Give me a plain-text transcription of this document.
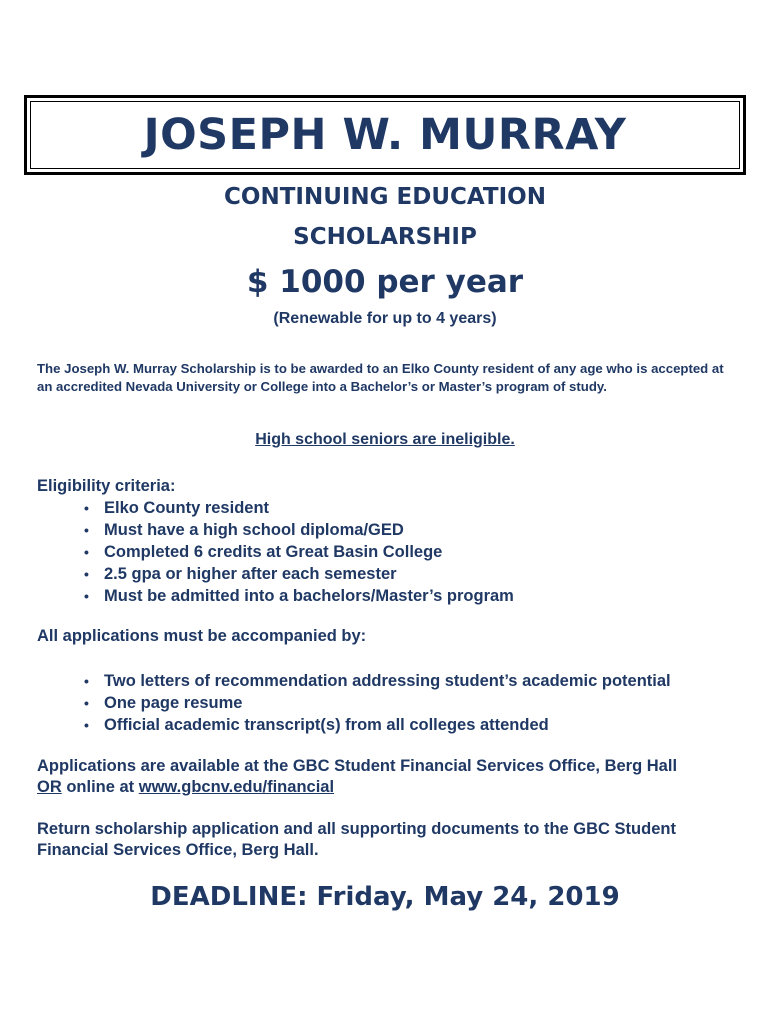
JOSEPH W. MURRAY
CONTINUING EDUCATION
SCHOLARSHIP
$ 1000 per year
(Renewable for up to 4 years)
The Joseph W. Murray Scholarship is to be awarded to an Elko County resident of any age who is accepted at an accredited Nevada University or College into a Bachelor’s or Master’s program of study.
High school seniors are ineligible.
Eligibility criteria:
• Elko County resident
• Must have a high school diploma/GED
• Completed 6 credits at Great Basin College
• 2.5 gpa or higher after each semester
• Must be admitted into a bachelors/Master’s program
All applications must be accompanied by:
• Two letters of recommendation addressing student’s academic potential
• One page resume
• Official academic transcript(s) from all colleges attended
Applications are available at the GBC Student Financial Services Office, Berg Hall
OR online at www.gbcnv.edu/financial
Return scholarship application and all supporting documents to the GBC Student Financial Services Office, Berg Hall.
DEADLINE: Friday, May 24, 2019
